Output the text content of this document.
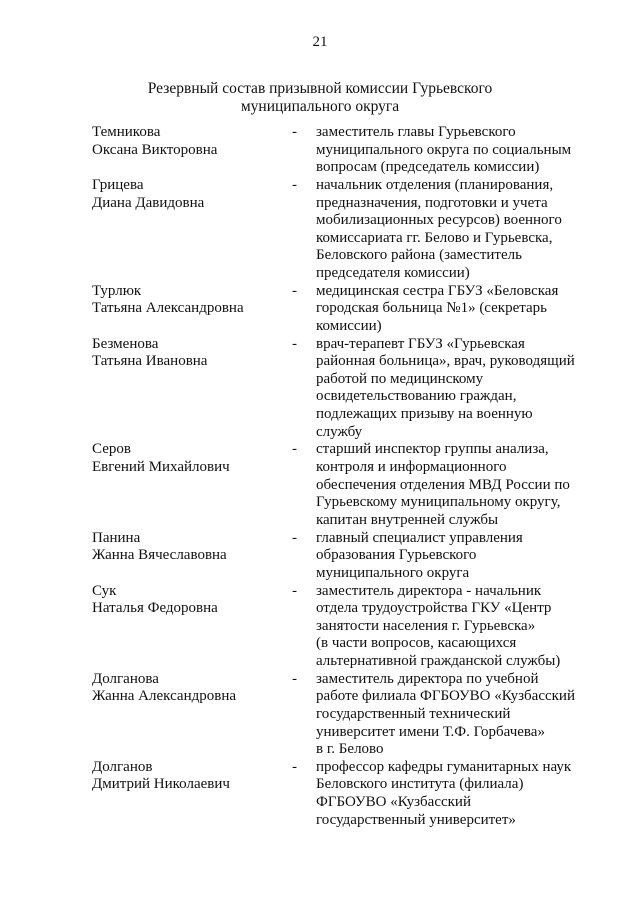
21
Резервный состав призывной комиссии Гурьевского
муниципального округа
Темникова
Оксана Викторовна
-	заместитель главы Гурьевского
муниципального округа по социальным
вопросам (председатель комиссии)
Грицева
Диана Давидовна
-	начальник отделения (планирования,
предназначения, подготовки и учета
мобилизационных ресурсов) военного
комиссариата гг. Белово и Гурьевска,
Беловского района (заместитель
председателя комиссии)
Турлюк
Татьяна Александровна
-	медицинская сестра ГБУЗ «Беловская
городская больница №1» (секретарь
комиссии)
Безменова
Татьяна Ивановна
-	врач-терапевт ГБУЗ «Гурьевская
районная больница», врач, руководящий
работой по медицинскому
освидетельствованию граждан,
подлежащих призыву на военную
службу
Серов
Евгений Михайлович
-	старший инспектор группы анализа,
контроля и информационного
обеспечения отделения МВД России по
Гурьевскому муниципальному округу,
капитан внутренней службы
Панина
Жанна Вячеславовна
-	главный специалист управления
образования Гурьевского
муниципального округа
Сук
Наталья Федоровна
-	заместитель директора - начальник
отдела трудоустройства ГКУ «Центр
занятости населения г. Гурьевска»
(в части вопросов, касающихся
альтернативной гражданской службы)
Долганова
Жанна Александровна
-	заместитель директора по учебной
работе филиала ФГБОУВО «Кузбасский
государственный технический
университет имени Т.Ф. Горбачева»
в г. Белово
Долганов
Дмитрий Николаевич
-	профессор кафедры гуманитарных наук
Беловского института (филиала)
ФГБОУВО «Кузбасский
государственный университет»
